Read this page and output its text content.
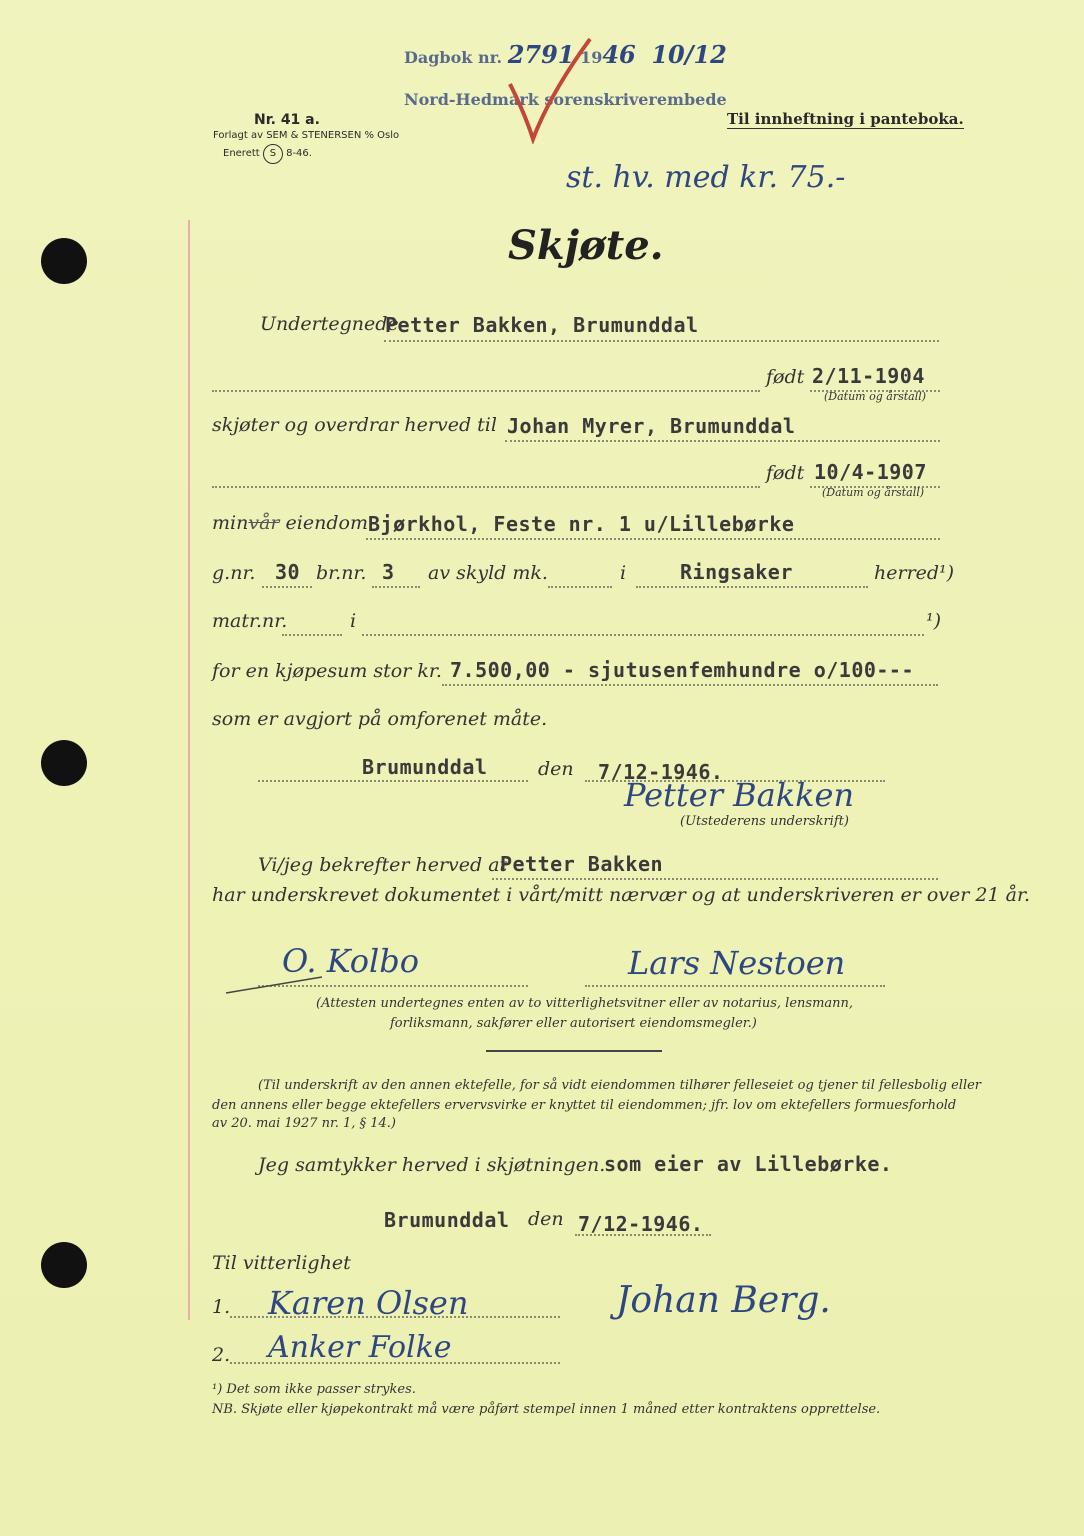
Dagbok nr. 2791 1946 10/12
Nord-Hedmark sorenskriverembede
Nr. 41 a.
Forlagt av SEM & STENERSEN % Oslo
Enerett S 8-46.
Til innheftning i panteboka.
st. hv. med kr. 75.-
Skjøte.
Undertegnede
Petter Bakken, Brumunddal
født 2/11-1904
(Datum og årstall)
skjøter og overdrar herved til Johan Myrer, Brumunddal
født 10/4-1907
(Datum og årstall)
minvår eiendom Bjørkhol, Feste nr. 1 u/Lillebørke
g.nr. 30 br.nr. 3 av skyld mk.	i	Ringsaker	herred¹)
matr.nr.	i	¹)
for en kjøpesum stor kr. 7.500,00 - sjutusenfemhundre o/100---
som er avgjort på omforenet måte.
Brumunddal	den 7/12-1946.
Petter Bakken
(Utstederens underskrift)
Vi/jeg bekrefter herved at
Petter Bakken
har underskrevet dokumentet i vårt/mitt nærvær og at underskriveren er over 21 år.
O. Kolbo	Lars Nestoen
(Attesten undertegnes enten av to vitterlighetsvitner eller av notarius, lensmann,
forliksmann, sakfører eller autorisert eiendomsmegler.)
(Til underskrift av den annen ektefelle, for så vidt eiendommen tilhører felleseiet og tjener til fellesbolig eller
den annens eller begge ektefellers ervervsvirke er knyttet til eiendommen; jfr. lov om ektefellers formuesforhold
av 20. mai 1927 nr. 1, § 14.)
Jeg samtykker herved i skjøtningen.
som eier av Lillebørke.
Brumunddal den 7/12-1946.
Til vitterlighet
1. Karen Olsen	Johan Berg.
2. Anker Folke
¹) Det som ikke passer strykes.
NB. Skjøte eller kjøpekontrakt må være påført stempel innen 1 måned etter kontraktens opprettelse.
